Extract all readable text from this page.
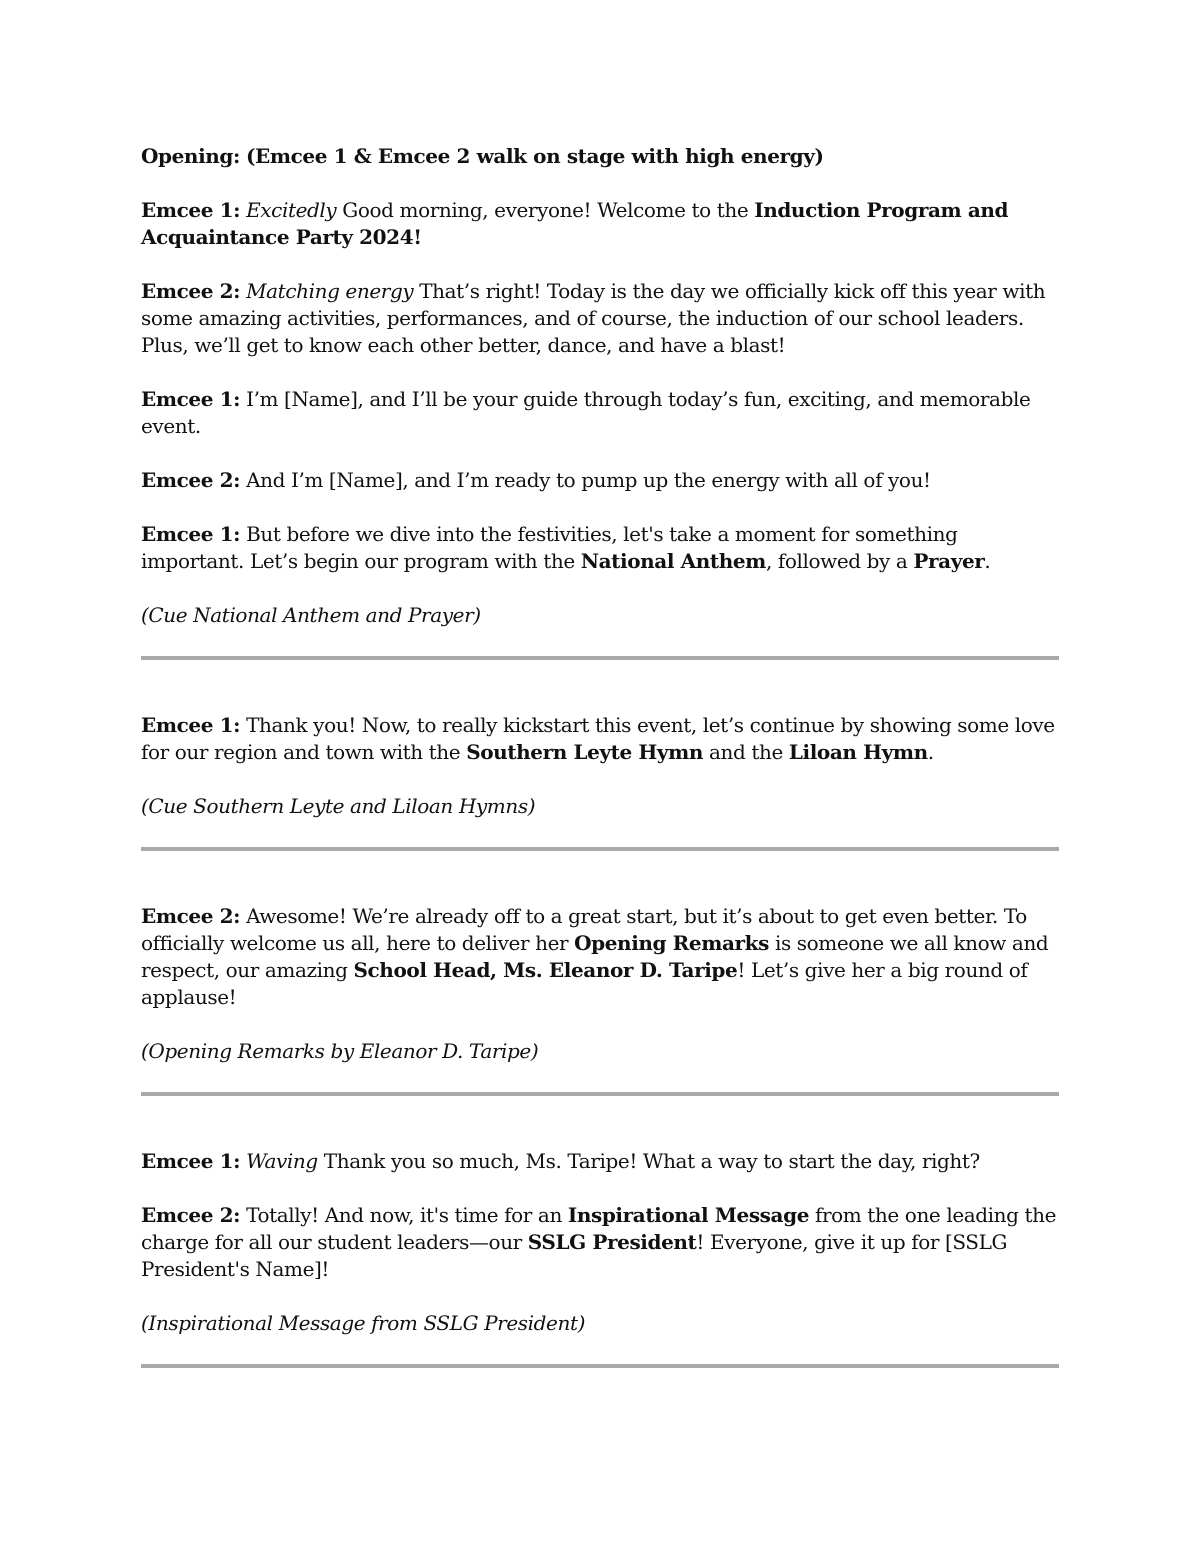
Opening: (Emcee 1 & Emcee 2 walk on stage with high energy)

Emcee 1: Excitedly Good morning, everyone! Welcome to the Induction Program and Acquaintance Party 2024!

Emcee 2: Matching energy That’s right! Today is the day we officially kick off this year with some amazing activities, performances, and of course, the induction of our school leaders. Plus, we’ll get to know each other better, dance, and have a blast!

Emcee 1: I’m [Name], and I’ll be your guide through today’s fun, exciting, and memorable event.

Emcee 2: And I’m [Name], and I’m ready to pump up the energy with all of you!

Emcee 1: But before we dive into the festivities, let's take a moment for something important. Let’s begin our program with the National Anthem, followed by a Prayer.

(Cue National Anthem and Prayer)

Emcee 1: Thank you! Now, to really kickstart this event, let’s continue by showing some love for our region and town with the Southern Leyte Hymn and the Liloan Hymn.

(Cue Southern Leyte and Liloan Hymns)

Emcee 2: Awesome! We’re already off to a great start, but it’s about to get even better. To officially welcome us all, here to deliver her Opening Remarks is someone we all know and respect, our amazing School Head, Ms. Eleanor D. Taripe! Let’s give her a big round of applause!

(Opening Remarks by Eleanor D. Taripe)

Emcee 1: Waving Thank you so much, Ms. Taripe! What a way to start the day, right?

Emcee 2: Totally! And now, it's time for an Inspirational Message from the one leading the charge for all our student leaders—our SSLG President! Everyone, give it up for [SSLG President's Name]!

(Inspirational Message from SSLG President)
